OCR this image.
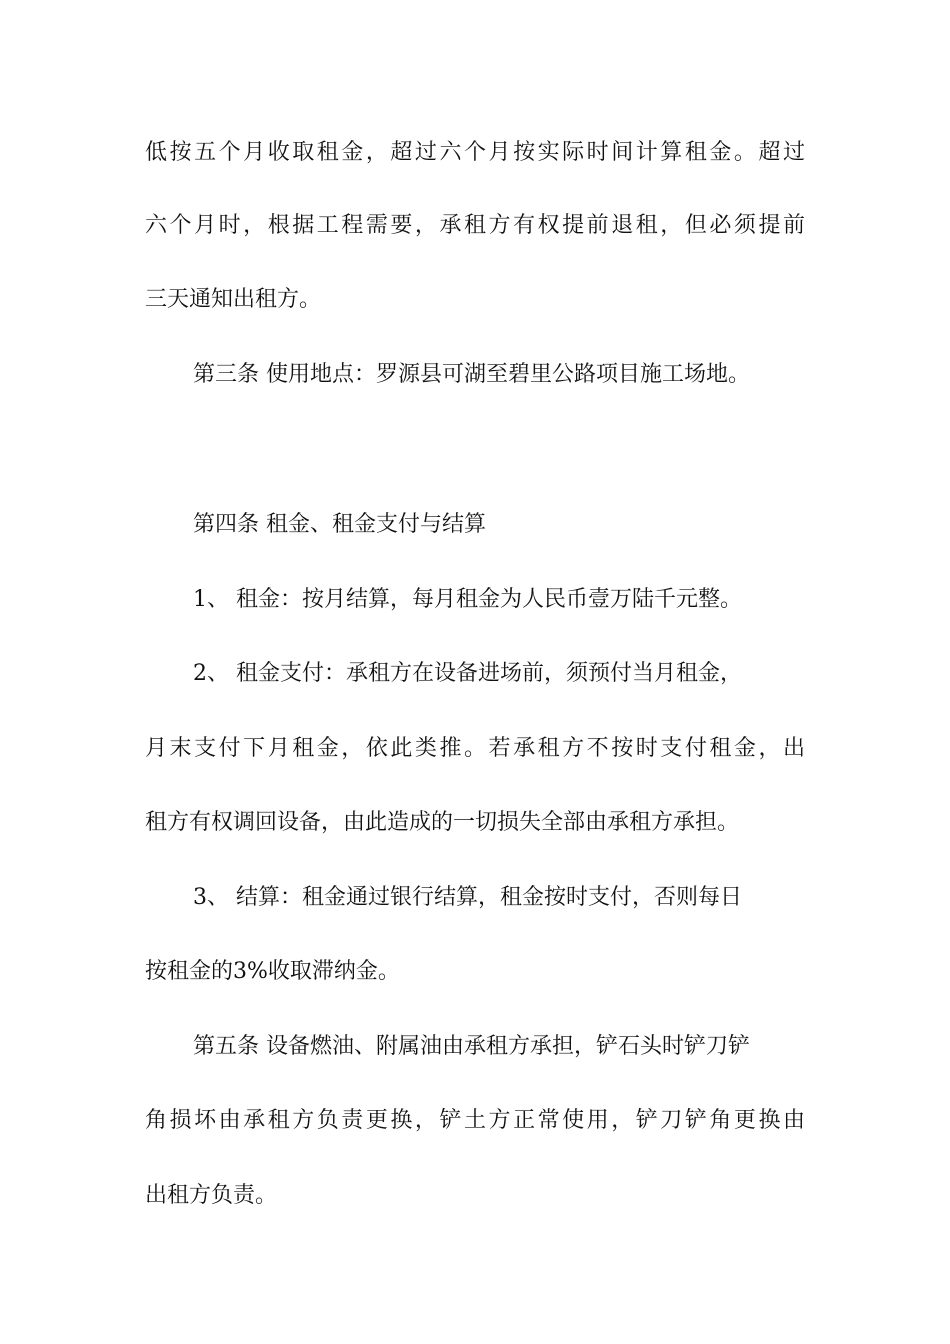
低按五个月收取租金，超过六个月按实际时间计算租金。超过
六个月时，根据工程需要，承租方有权提前退租，但必须提前
三天通知出租方。
第三条 使用地点：罗源县可湖至碧里公路项目施工场地。
第四条 租金、租金支付与结算
1、 租金：按月结算，每月租金为人民币壹万陆千元整。
2、 租金支付：承租方在设备进场前，须预付当月租金，
月末支付下月租金，依此类推。若承租方不按时支付租金，出
租方有权调回设备，由此造成的一切损失全部由承租方承担。
3、 结算：租金通过银行结算，租金按时支付，否则每日
按租金的3%收取滞纳金。
第五条 设备燃油、附属油由承租方承担，铲石头时铲刀铲
角损坏由承租方负责更换，铲土方正常使用，铲刀铲角更换由
出租方负责。
